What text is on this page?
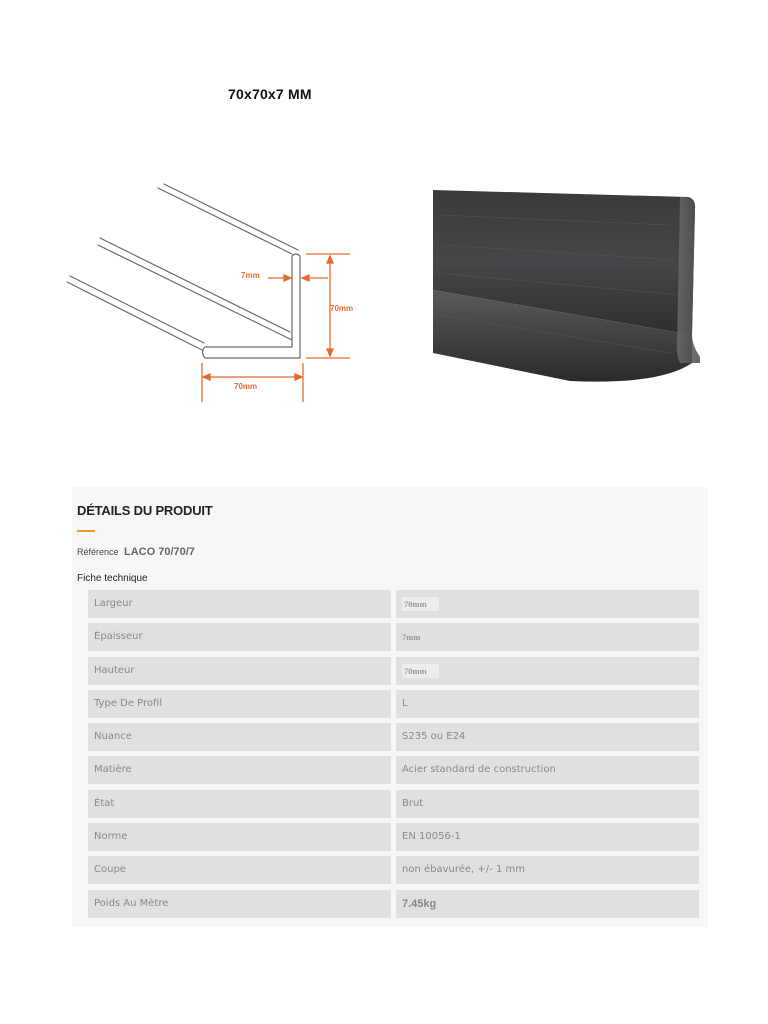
70x70x7 MM
7mm
70mm
70mm
DÉTAILS DU PRODUIT
Référence LACO 70/70/7
Fiche technique
Largeur	70mm
Épaisseur	7mm
Hauteur	70mm
Type De Profil	L
Nuance	S235 ou E24
Matière	Acier standard de construction
État	Brut
Norme	EN 10056-1
Coupe	non ébavurée, +/- 1 mm
Poids Au Mètre	7.45kg
